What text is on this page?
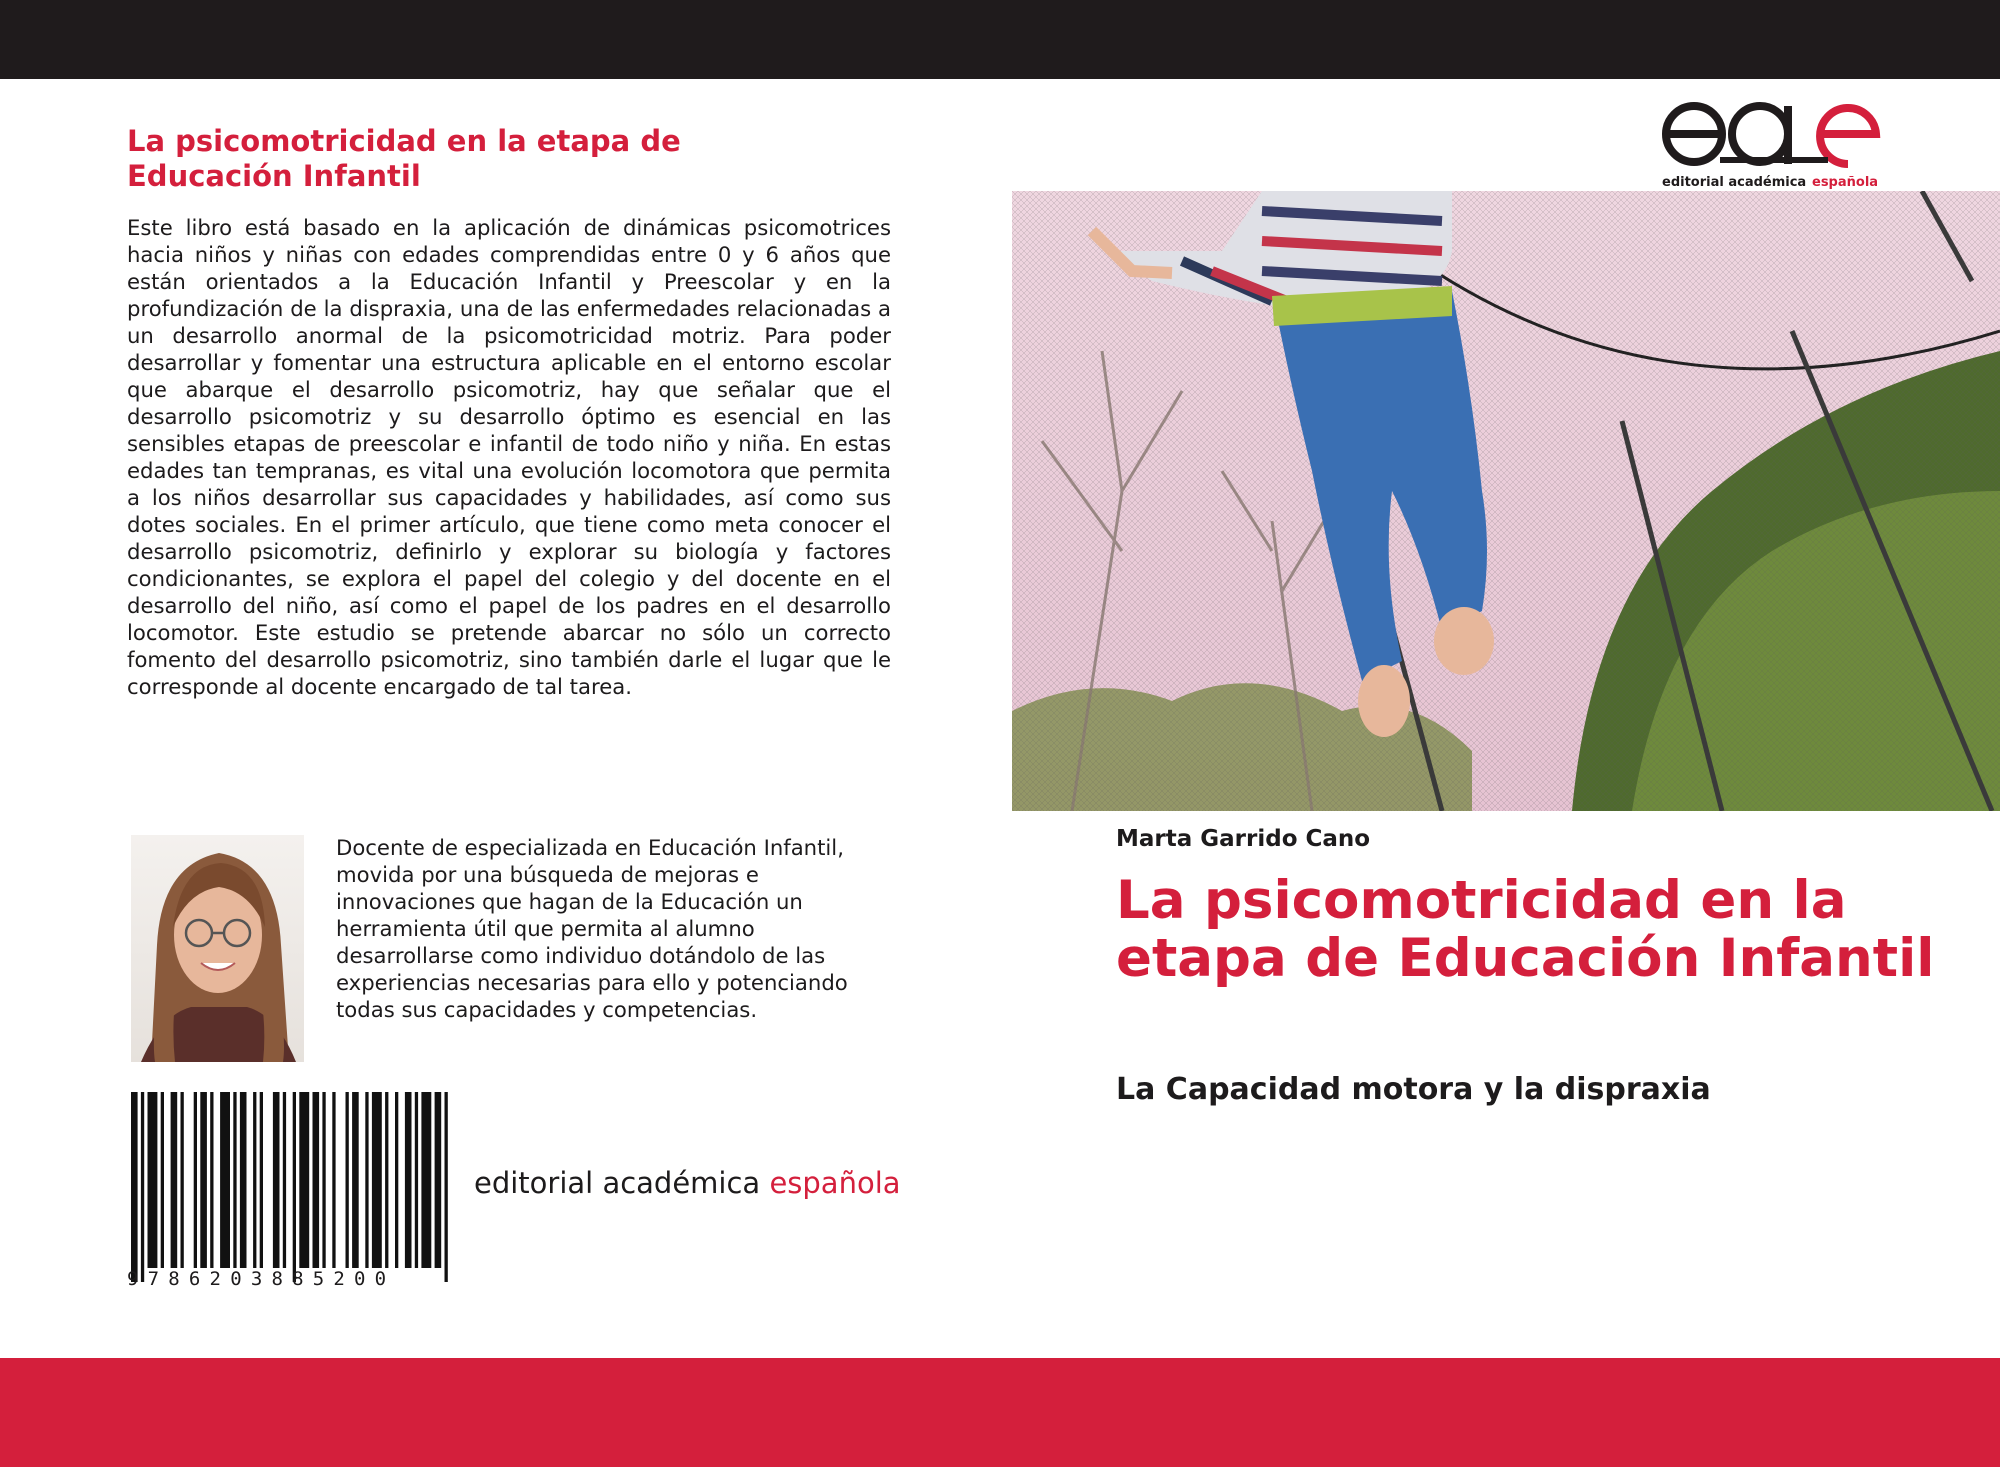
La psicomotricidad en la etapa de Educación Infantil
Este libro está basado en la aplicación de dinámicas psicomotrices hacia niños y niñas con edades comprendidas entre 0 y 6 años que están orientados a la Educación Infantil y Preescolar y en la profundización de la dispraxia, una de las enfermedades relacionadas a un desarrollo anormal de la psicomotricidad motriz. Para poder desarrollar y fomentar una estructura aplicable en el entorno escolar que abarque el desarrollo psicomotriz, hay que señalar que el desarrollo psicomotriz y su desarrollo óptimo es esencial en las sensibles etapas de preescolar e infantil de todo niño y niña. En estas edades tan tempranas, es vital una evolución locomotora que permita a los niños desarrollar sus capacidades y habilidades, así como sus dotes sociales. En el primer artículo, que tiene como meta conocer el desarrollo psicomotriz, definirlo y explorar su biología y factores condicionantes, se explora el papel del colegio y del docente en el desarrollo del niño, así como el papel de los padres en el desarrollo locomotor. Este estudio se pretende abarcar no sólo un correcto fomento del desarrollo psicomotriz, sino también darle el lugar que le corresponde al docente encargado de tal tarea.
Docente de especializada en Educación Infantil, movida por una búsqueda de mejoras e innovaciones que hagan de la Educación un herramienta útil que permita al alumno desarrollarse como individuo dotándolo de las experiencias necesarias para ello y potenciando todas sus capacidades y competencias.
9786203885200
editorial académica española
editorial académica española
Marta Garrido Cano
La psicomotricidad en la etapa de Educación Infantil
La Capacidad motora y la dispraxia
